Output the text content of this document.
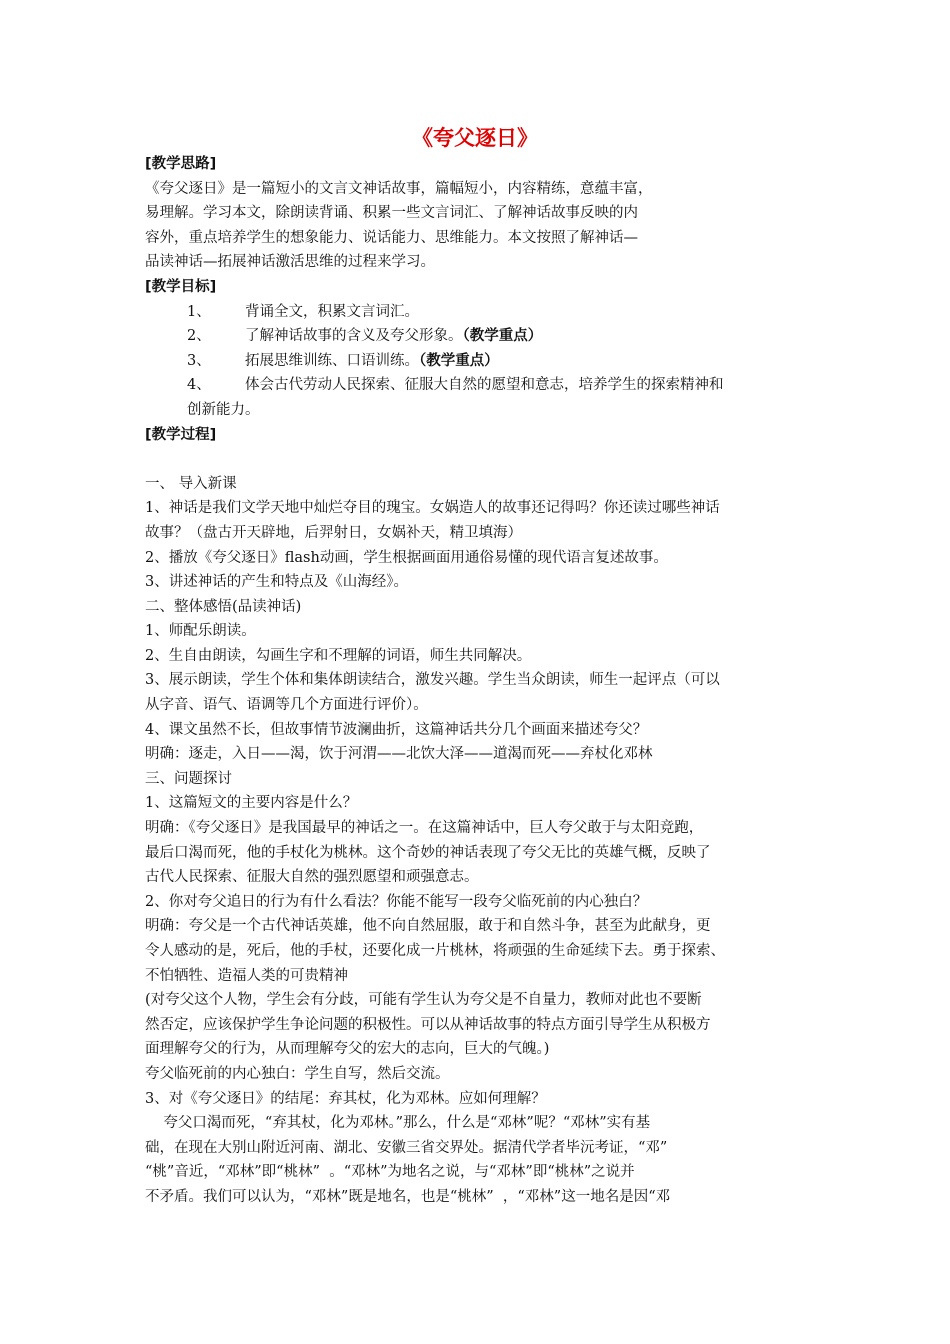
《夸父逐日》
[教学思路]
《夸父逐日》是一篇短小的文言文神话故事，篇幅短小，内容精练，意蕴丰富，
易理解。学习本文，除朗读背诵、积累一些文言词汇、了解神话故事反映的内
容外，重点培养学生的想象能力、说话能力、思维能力。本文按照了解神话—
品读神话—拓展神话激活思维的过程来学习。
[教学目标]
1、	背诵全文，积累文言词汇。
2、	了解神话故事的含义及夸父形象。（教学重点）
3、	拓展思维训练、口语训练。（教学重点）
4、	体会古代劳动人民探索、征服大自然的愿望和意志，培养学生的探索精神和
创新能力。
[教学过程]
一、 导入新课
1、神话是我们文学天地中灿烂夺目的瑰宝。女娲造人的故事还记得吗？你还读过哪些神话
故事？（盘古开天辟地，后羿射日，女娲补天，精卫填海）
2、播放《夸父逐日》flash动画，学生根据画面用通俗易懂的现代语言复述故事。
3、讲述神话的产生和特点及《山海经》。
二、整体感悟(品读神话)
1、师配乐朗读。
2、生自由朗读，勾画生字和不理解的词语，师生共同解决。
3、展示朗读，学生个体和集体朗读结合，激发兴趣。学生当众朗读，师生一起评点（可以
从字音、语气、语调等几个方面进行评价）。
4、课文虽然不长，但故事情节波澜曲折，这篇神话共分几个画面来描述夸父？
明确：逐走，入日——渴，饮于河渭——北饮大泽——道渴而死——弃杖化邓林
三、问题探讨
1、这篇短文的主要内容是什么？
明确：《夸父逐日》是我国最早的神话之一。在这篇神话中，巨人夸父敢于与太阳竞跑，
最后口渴而死，他的手杖化为桃林。这个奇妙的神话表现了夸父无比的英雄气概，反映了
古代人民探索、征服大自然的强烈愿望和顽强意志。
2、你对夸父追日的行为有什么看法？你能不能写一段夸父临死前的内心独白？
明确：夸父是一个古代神话英雄，他不向自然屈服，敢于和自然斗争，甚至为此献身，更
令人感动的是，死后，他的手杖，还要化成一片桃林，将顽强的生命延续下去。勇于探索、
不怕牺牲、造福人类的可贵精神
(对夸父这个人物，学生会有分歧，可能有学生认为夸父是不自量力，教师对此也不要断
然否定，应该保护学生争论问题的积极性。可以从神话故事的特点方面引导学生从积极方
面理解夸父的行为，从而理解夸父的宏大的志向，巨大的气魄。)
夸父临死前的内心独白：学生自写，然后交流。
3、对《夸父逐日》的结尾：弃其杖，化为邓林。应如何理解？
夸父口渴而死，“弃其杖，化为邓林。”那么，什么是“邓林”呢？“邓林”实有基
础，在现在大别山附近河南、湖北、安徽三省交界处。据清代学者毕沅考证，“邓”
“桃”音近，“邓林”即“桃林”  。“邓林”为地名之说，与“邓林”即“桃林”之说并
不矛盾。我们可以认为，“邓林”既是地名，也是“桃林”  ，“邓林”这一地名是因“邓
